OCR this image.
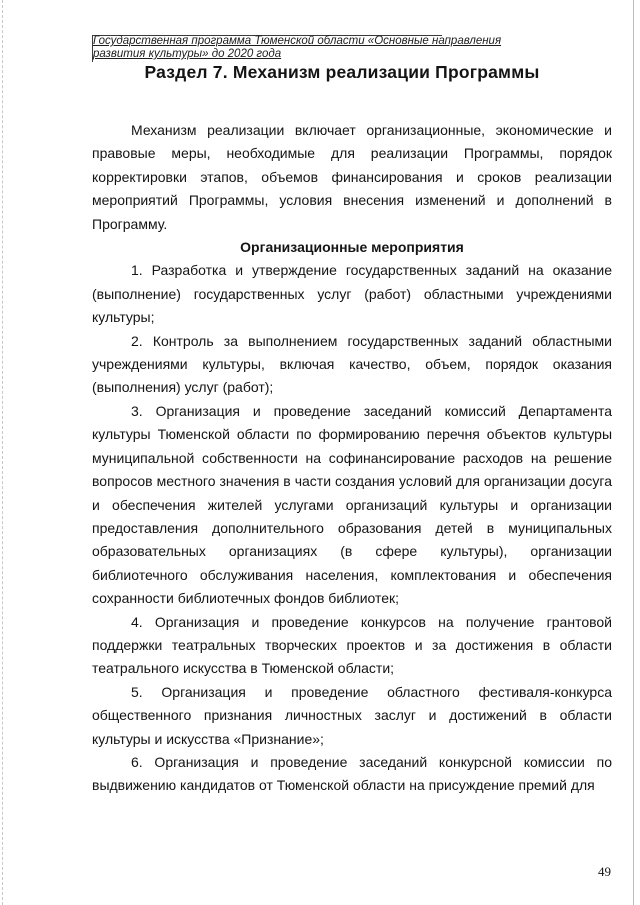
Государственная программа Тюменской области «Основные направления
развития культуры» до 2020 года
Раздел 7. Механизм реализации Программы

Механизм реализации включает организационные, экономические и правовые меры, необходимые для реализации Программы, порядок корректировки этапов, объемов финансирования и сроков реализации мероприятий Программы, условия внесения изменений и дополнений в Программу.

Организационные мероприятия

1. Разработка и утверждение государственных заданий на оказание (выполнение) государственных услуг (работ) областными учреждениями культуры;

2. Контроль за выполнением государственных заданий областными учреждениями культуры, включая качество, объем, порядок оказания (выполнения) услуг (работ);

3. Организация и проведение заседаний комиссий Департамента культуры Тюменской области по формированию перечня объектов культуры муниципальной собственности на софинансирование расходов на решение вопросов местного значения в части создания условий для организации досуга и обеспечения жителей услугами организаций культуры и организации предоставления дополнительного образования детей в муниципальных образовательных организациях (в сфере культуры), организации библиотечного обслуживания населения, комплектования и обеспечения сохранности библиотечных фондов библиотек;

4. Организация и проведение конкурсов на получение грантовой поддержки театральных творческих проектов и за достижения в области театрального искусства в Тюменской области;

5. Организация и проведение областного фестиваля-конкурса общественного признания личностных заслуг и достижений в области культуры и искусства «Признание»;

6. Организация и проведение заседаний конкурсной комиссии по выдвижению кандидатов от Тюменской области на присуждение премий для

49
